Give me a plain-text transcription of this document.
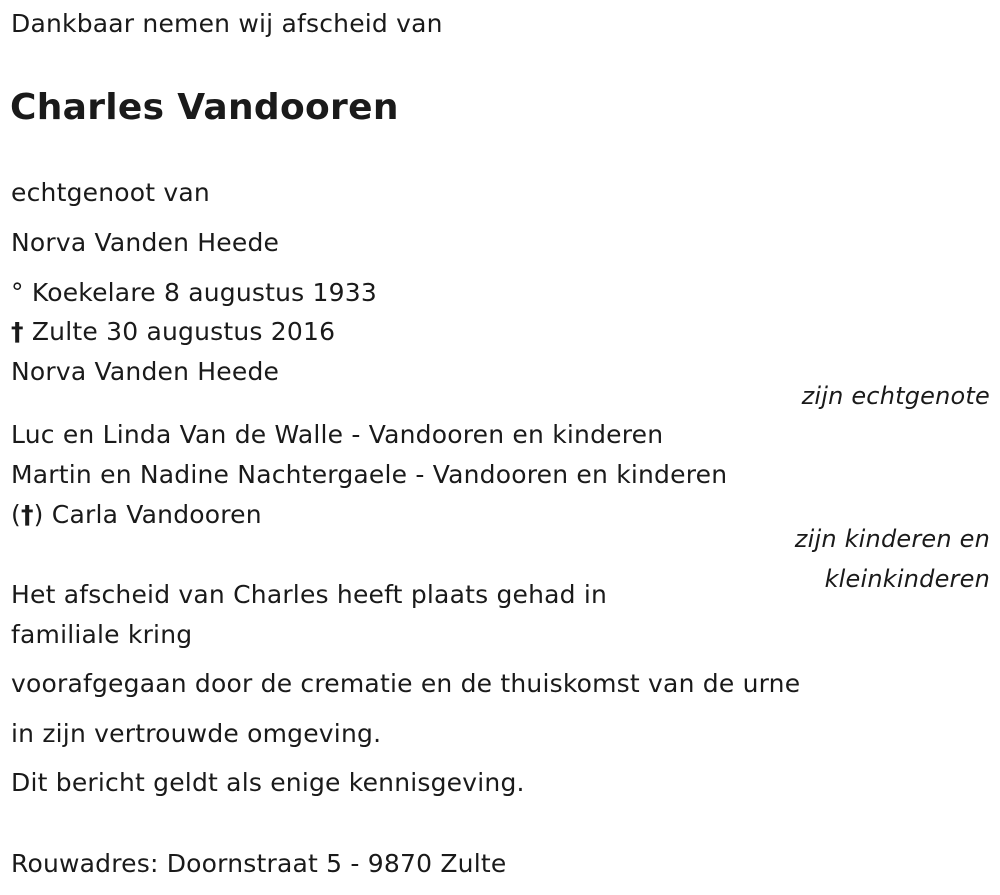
Dankbaar nemen wij afscheid van
Charles Vandooren
echtgenoot van
Norva Vanden Heede
° Koekelare 8 augustus 1933
† Zulte 30 augustus 2016
Norva Vanden Heede
zijn echtgenote
Luc en Linda Van de Walle - Vandooren en kinderen
Martin en Nadine Nachtergaele - Vandooren en kinderen
(†) Carla Vandooren
zijn kinderen en
kleinkinderen
Het afscheid van Charles heeft plaats gehad in
familiale kring
voorafgegaan door de crematie en de thuiskomst van de urne
in zijn vertrouwde omgeving.
Dit bericht geldt als enige kennisgeving.
Rouwadres: Doornstraat 5 - 9870 Zulte
